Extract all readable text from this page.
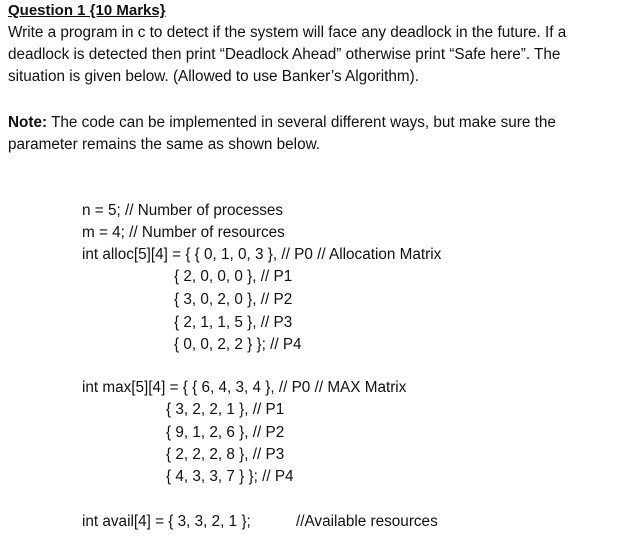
Question 1 {10 Marks}
Write a program in c to detect if the system will face any deadlock in the future. If a deadlock is detected then print “Deadlock Ahead” otherwise print “Safe here”. The situation is given below. (Allowed to use Banker’s Algorithm).
Note: The code can be implemented in several different ways, but make sure the parameter remains the same as shown below.
n = 5; // Number of processes
m = 4; // Number of resources
int alloc[5][4] = { { 0, 1, 0, 3 }, // P0 // Allocation Matrix
{ 2, 0, 0, 0 }, // P1
{ 3, 0, 2, 0 }, // P2
{ 2, 1, 1, 5 }, // P3
{ 0, 0, 2, 2 } }; // P4
int max[5][4] = { { 6, 4, 3, 4 }, // P0 // MAX Matrix
{ 3, 2, 2, 1 }, // P1
{ 9, 1, 2, 6 }, // P2
{ 2, 2, 2, 8 }, // P3
{ 4, 3, 3, 7 } }; // P4
int avail[4] = { 3, 3, 2, 1 };	//Available resources
